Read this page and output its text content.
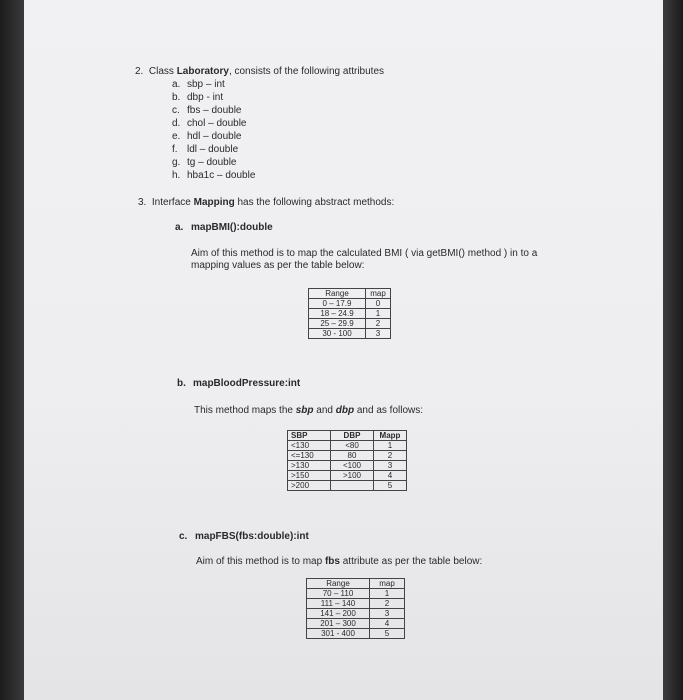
2. Class Laboratory, consists of the following attributes
a. sbp – int
b. dbp - int
c. fbs – double
d. chol – double
e. hdl – double
f. ldl – double
g. tg – double
h. hba1c – double
3. Interface Mapping has the following abstract methods:
a. mapBMI():double
Aim of this method is to map the calculated BMI ( via getBMI() method ) in to a
mapping values as per the table below:
Range	map
0 – 17.9	0
18 – 24.9	1
25 – 29.9	2
30 - 100	3
b. mapBloodPressure:int
This method maps the sbp and dbp and as follows:
SBP	DBP	Mapp
<130	<80	1
<=130	80	2
>130	<100	3
>150	>100	4
>200		5
c. mapFBS(fbs:double):int
Aim of this method is to map fbs attribute as per the table below:
Range	map
70 – 110	1
111 – 140	2
141 – 200	3
201 – 300	4
301 - 400	5
